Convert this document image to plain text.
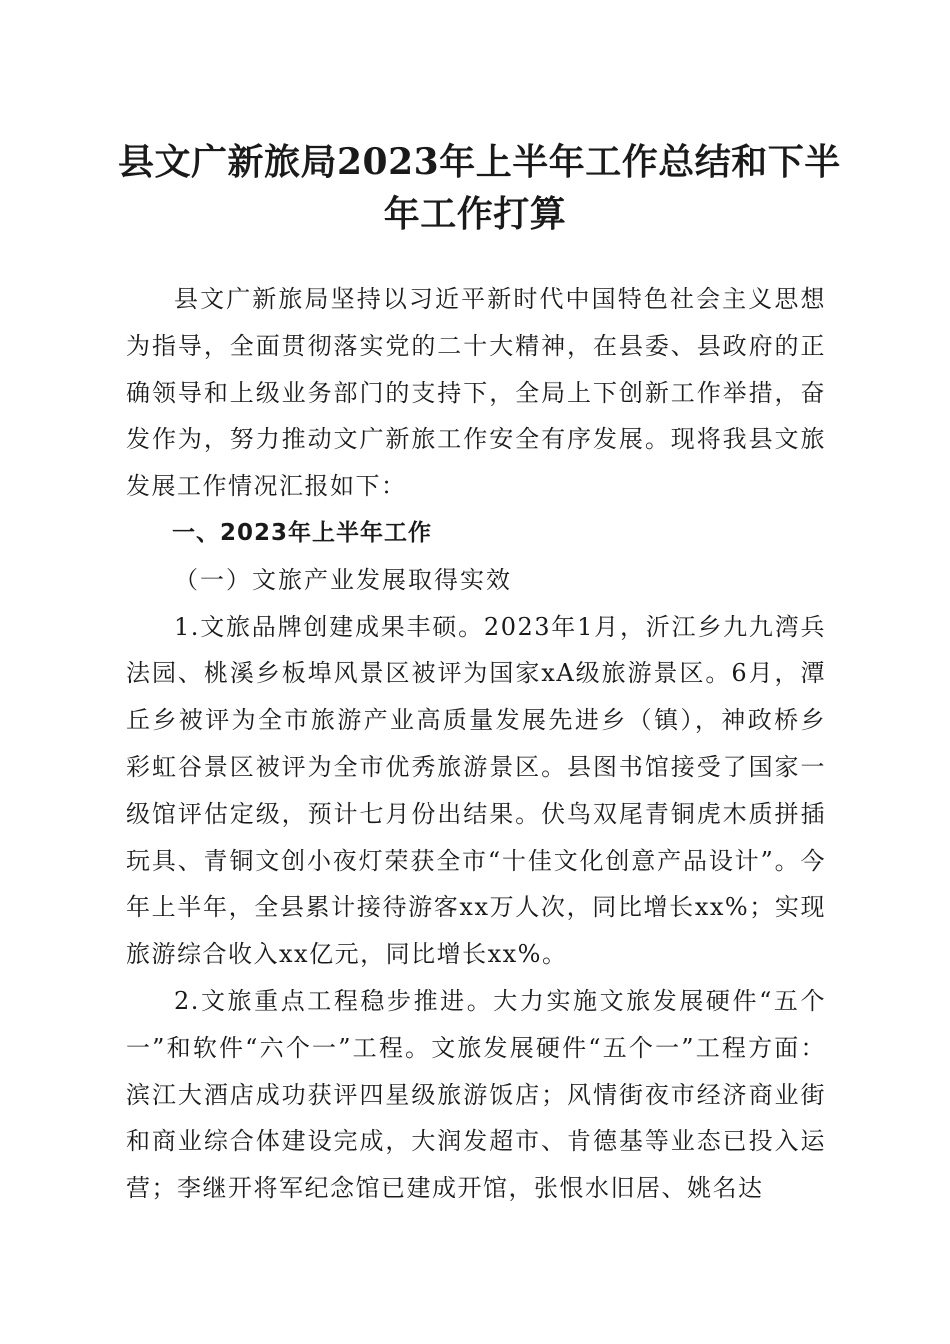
县文广新旅局2023年上半年工作总结和下半
年工作打算

县文广新旅局坚持以习近平新时代中国特色社会主义思想为指导，全面贯彻落实党的二十大精神，在县委、县政府的正确领导和上级业务部门的支持下，全局上下创新工作举措，奋发作为，努力推动文广新旅工作安全有序发展。现将我县文旅发展工作情况汇报如下：

一、2023年上半年工作

（一）文旅产业发展取得实效

1.文旅品牌创建成果丰硕。2023年1月，沂江乡九九湾兵法园、桃溪乡板埠风景区被评为国家xA级旅游景区。6月，潭丘乡被评为全市旅游产业高质量发展先进乡（镇），神政桥乡彩虹谷景区被评为全市优秀旅游景区。县图书馆接受了国家一级馆评估定级，预计七月份出结果。伏鸟双尾青铜虎木质拼插玩具、青铜文创小夜灯荣获全市“十佳文化创意产品设计”。今年上半年，全县累计接待游客xx万人次，同比增长xx%；实现旅游综合收入xx亿元，同比增长xx%。

2.文旅重点工程稳步推进。大力实施文旅发展硬件“五个一”和软件“六个一”工程。文旅发展硬件“五个一”工程方面：滨江大酒店成功获评四星级旅游饭店；风情街夜市经济商业街和商业综合体建设完成，大润发超市、肯德基等业态已投入运营；李继开将军纪念馆已建成开馆，张恨水旧居、姚名达
